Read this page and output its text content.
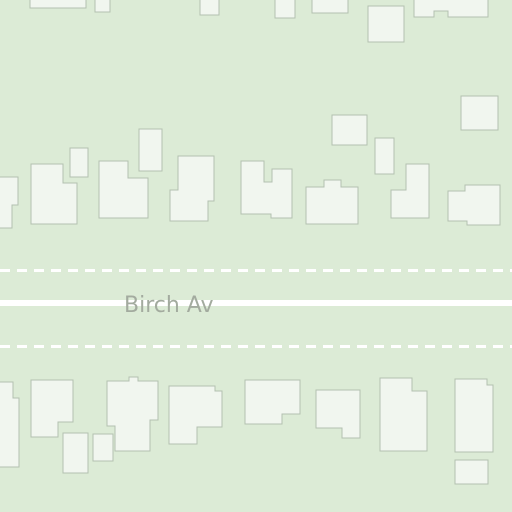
Birch Av
